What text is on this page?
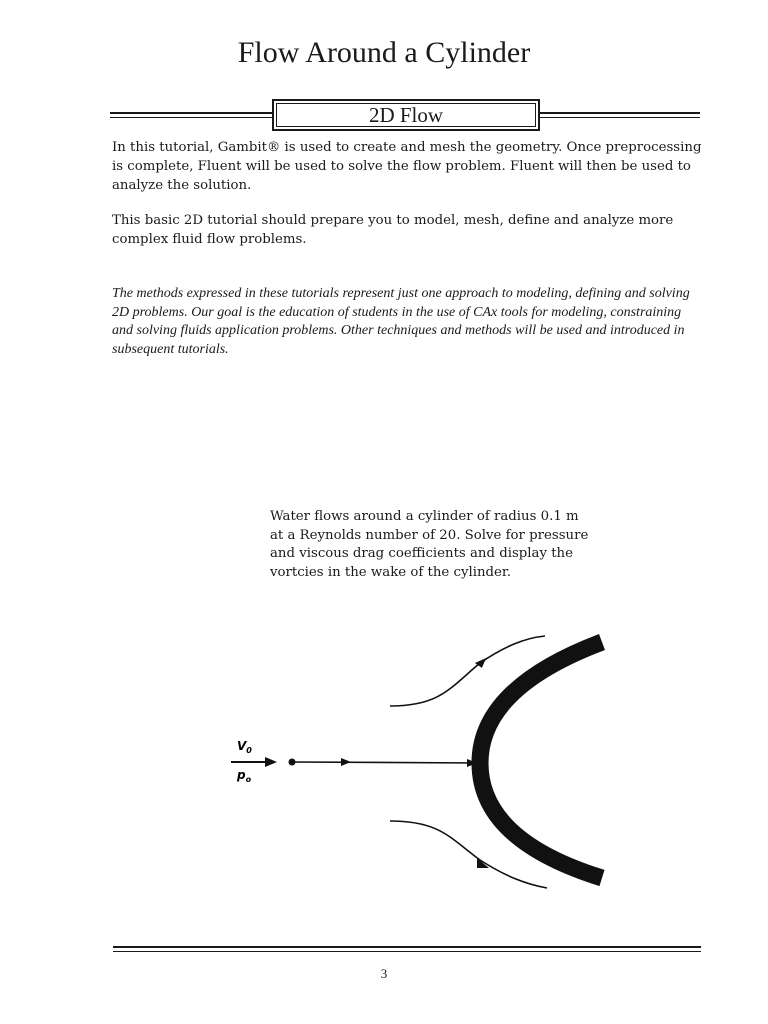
Flow Around a Cylinder
2D Flow

In this tutorial, Gambit® is used to create and mesh the geometry. Once preprocessing is complete, Fluent will be used to solve the flow problem. Fluent will then be used to analyze the solution.

This basic 2D tutorial should prepare you to model, mesh, define and analyze more complex fluid flow problems.

The methods expressed in these tutorials represent just one approach to modeling, defining and solving 2D problems. Our goal is the education of students in the use of CAx tools for modeling, constraining and solving fluids application problems. Other techniques and methods will be used and introduced in subsequent tutorials.

Water flows around a cylinder of radius 0.1 m at a Reynolds number of 20. Solve for pressure and viscous drag coefficients and display the vortcies in the wake of the cylinder.

$V_0$
$p_o$
3
